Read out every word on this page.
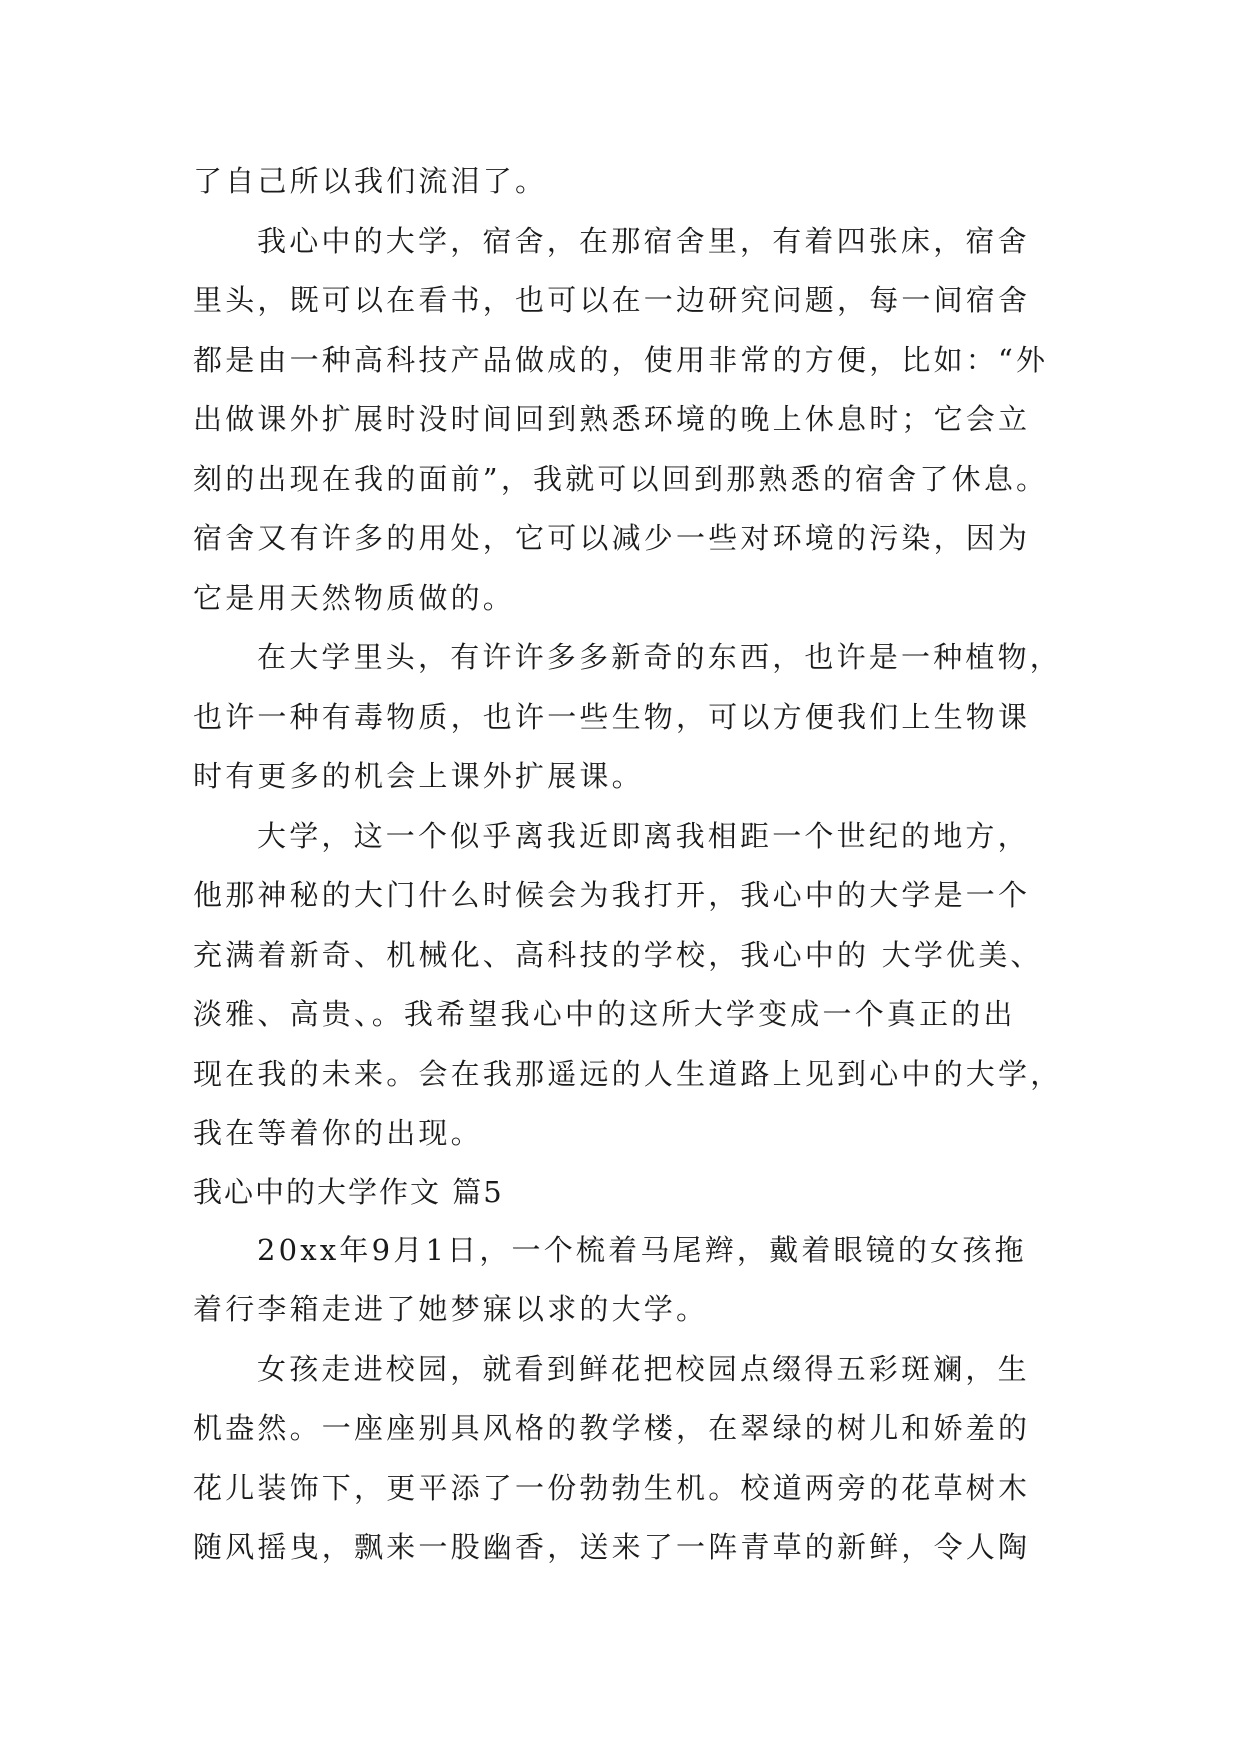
了自己所以我们流泪了。
我心中的大学，宿舍，在那宿舍里，有着四张床，宿舍
里头，既可以在看书，也可以在一边研究问题，每一间宿舍
都是由一种高科技产品做成的，使用非常的方便，比如：“外
出做课外扩展时没时间回到熟悉环境的晚上休息时；它会立
刻的出现在我的面前”，我就可以回到那熟悉的宿舍了休息。
宿舍又有许多的用处，它可以减少一些对环境的污染，因为
它是用天然物质做的。
在大学里头，有许许多多新奇的东西，也许是一种植物，
也许一种有毒物质，也许一些生物，可以方便我们上生物课
时有更多的机会上课外扩展课。
大学，这一个似乎离我近即离我相距一个世纪的地方，
他那神秘的大门什么时候会为我打开，我心中的大学是一个
充满着新奇、机械化、高科技的学校，我心中的 大学优美、
淡雅、高贵、。我希望我心中的这所大学变成一个真正的出
现在我的未来。会在我那遥远的人生道路上见到心中的大学，
我在等着你的出现。
我心中的大学作文 篇5
20xx年9月1日，一个梳着马尾辫，戴着眼镜的女孩拖
着行李箱走进了她梦寐以求的大学。
女孩走进校园，就看到鲜花把校园点缀得五彩斑斓，生
机盎然。一座座别具风格的教学楼，在翠绿的树儿和娇羞的
花儿装饰下，更平添了一份勃勃生机。校道两旁的花草树木
随风摇曳，飘来一股幽香，送来了一阵青草的新鲜，令人陶
